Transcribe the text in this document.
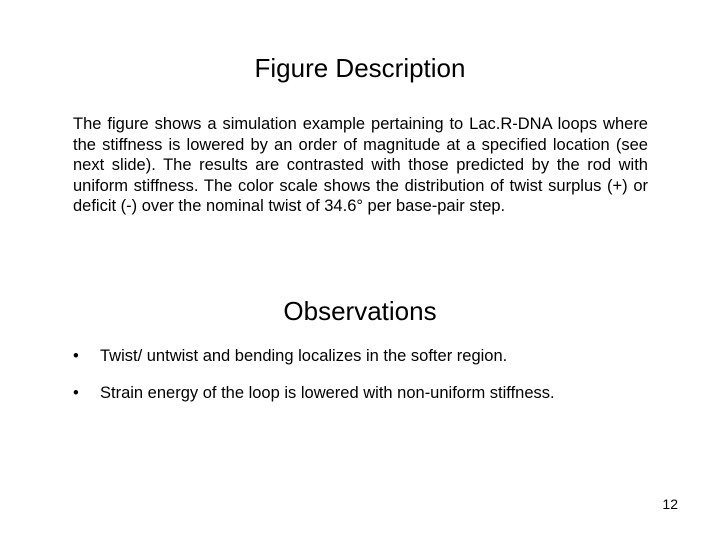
Figure Description

The figure shows a simulation example pertaining to Lac.R-DNA loops where the stiffness is lowered by an order of magnitude at a specified location (see next slide). The results are contrasted with those predicted by the rod with uniform stiffness. The color scale shows the distribution of twist surplus (+) or deficit (-) over the nominal twist of 34.6° per base-pair step.

Observations
•	Twist/ untwist and bending localizes in the softer region.
•	Strain energy of the loop is lowered with non-uniform stiffness.
12
